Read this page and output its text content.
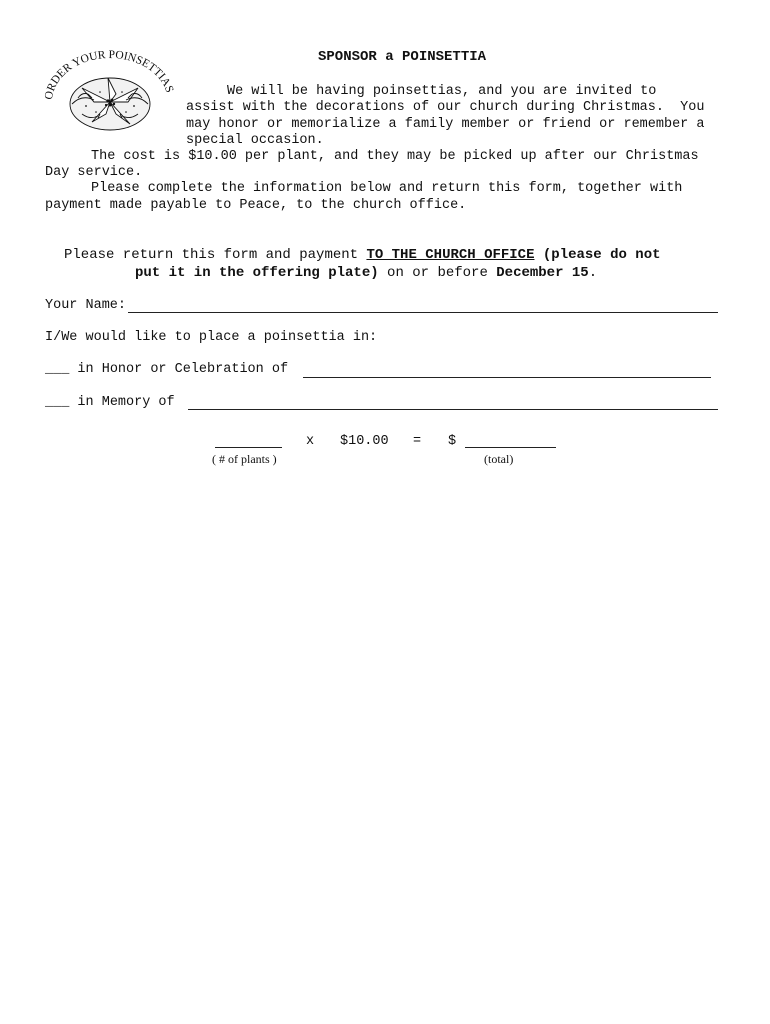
ORDER YOUR POINSETTIAS
SPONSOR a POINSETTIA
We will be having poinsettias, and you are invited to
assist with the decorations of our church during Christmas.  You
may honor or memorialize a family member or friend or remember a
special occasion.
The cost is $10.00 per plant, and they may be picked up after our Christmas
Day service.
Please complete the information below and return this form, together with
payment made payable to Peace, to the church office.
Please return this form and payment TO THE CHURCH OFFICE (please do not
put it in the offering plate) on or before December 15.
Your Name:
I/We would like to place a poinsettia in:
___ in Honor or Celebration of
___ in Memory of
x $10.00 = $
( # of plants )	(total)
